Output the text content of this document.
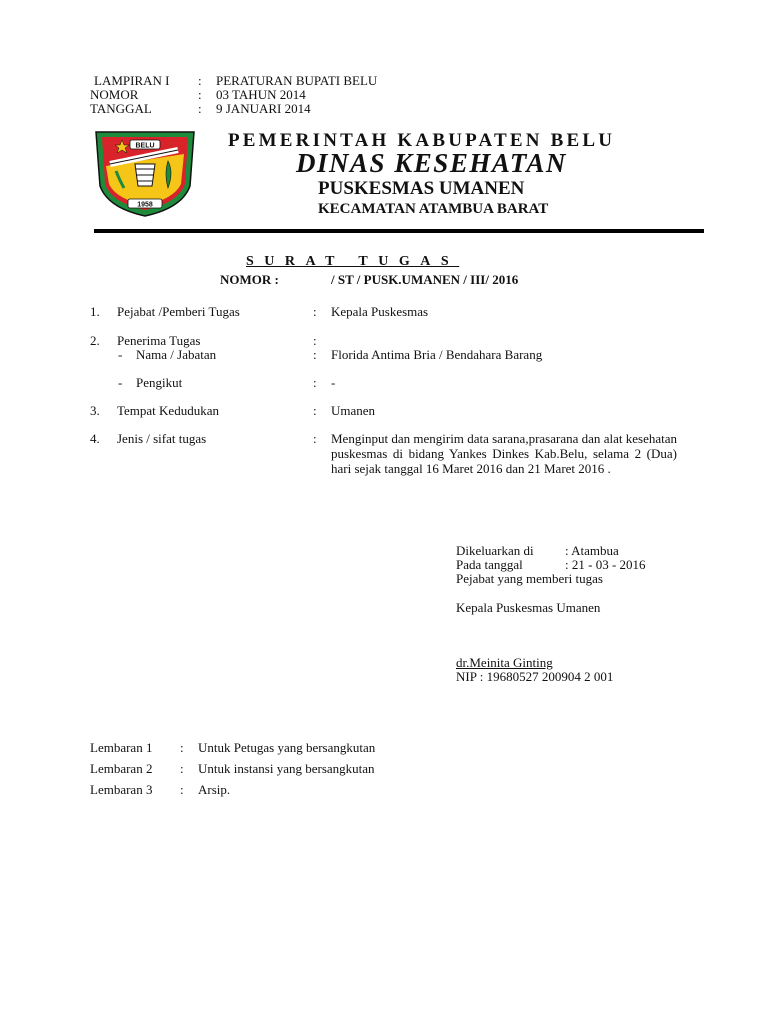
LAMPIRAN I : PERATURAN BUPATI BELU
NOMOR	: 03 TAHUN 2014
TANGGAL	: 9 JANUARI 2014
BELU
1958
PEMERINTAH KABUPATEN BELU
DINAS KESEHATAN
PUSKESMAS UMANEN
KECAMATAN ATAMBUA BARAT
SURAT TUGAS
NOMOR :	/ ST / PUSK.UMANEN / III/ 2016
1. Pejabat /Pemberi Tugas	: Kepala Puskesmas
2. Penerima Tugas	:
- Nama / Jabatan	: Florida Antima Bria / Bendahara Barang
- Pengikut	: -
3. Tempat Kedudukan	: Umanen
4. Jenis / sifat tugas	: Menginput dan mengirim data sarana,prasarana dan alat kesehatan puskesmas di bidang Yankes Dinkes Kab.Belu, selama 2 (Dua) hari sejak tanggal 16 Maret 2016 dan 21 Maret 2016 .
Dikeluarkan di : Atambua
Pada tanggal	: 21 - 03 - 2016
Pejabat yang memberi tugas
Kepala Puskesmas Umanen
dr.Meinita Ginting
NIP : 19680527 200904 2 001
Lembaran 1 : Untuk Petugas yang bersangkutan
Lembaran 2 : Untuk instansi yang bersangkutan
Lembaran 3 : Arsip.
